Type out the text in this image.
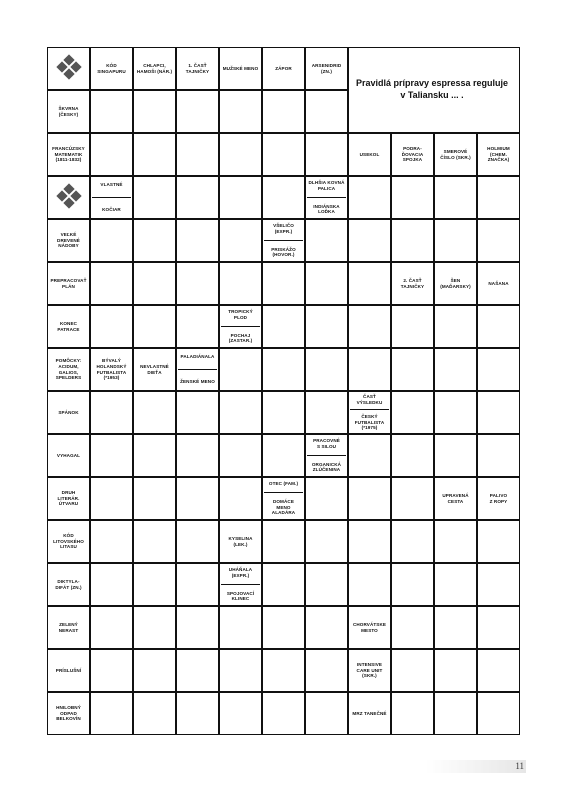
KÓD
SINGAPURU
CHLAPCI,
HAMOŠI (NÁR.)
1. ČASŤ
TAJNIČKY
MUŽSKÉ MENO	ZÁPOR
ARSENIDRID
(ZN.)
ŠKVRNA
(ČESKY)
FRANCÚZSKY
MATEMATIK
(1811-1832)
VEĽKÉ
DREVENÉ
NÁDOBY
PREPRACOVAŤ
PLÁN
KONEC
PATRACE
POMÔCKY:
ACIDUM,
GALIOS,
SPELDERS
SPÁNOK
VYHAGAL
DRUH
LITERÁR.
ÚTVARU
KÓD
LITOVSKÉHO
LITASU
DIKTYLA-
DIFÁT (ZN.)
ZELENÝ
NERAST
PRÍSLUŠNÍ
HNILOBNÝ
ODPAD
BELKOVÍN
USEKOL
PODRA-
ĎOVACIA
SPOJKA
SMEROVÉ
ČÍSLO (SKR.)
HOLMIUM
(CHEM.
ZNAČKA)
2. ČASŤ
TAJNIČKY
ŠEN
(MAĎARSKY)
NAŠANA
UPRAVENÁ
CESTA
PALIVO
Z ROPY
VLASTNÉ
KOČIAR
DLHŠIA KOVNÁ
PALICA
INDIÁNSKA
LOĎKA
VŠELIČO
(EXPR.)
PRISKÁŽO
(HOVOR.)
TROPICKÝ
PLOD
POCHAJ
(ZASTAR.)
BÝVALÝ
HOLANDSKÝ
FUTBALISTA
(*1953)
NEVLASTNÉ
DIEŤA
PALADIÁNALA
ŽENSKÉ MENO
ČASŤ
VÝSLEDKU
ČESKÝ
FUTBALISTA
(*1975)
PRACOVNÉ
S SILOU
ORGANICKÁ
ZLÚČENINA
OTEC (FAM.)
DOMÁCE
MENO
ALADÁRA
KYSELINA
(LEK.)
UHÁŇALA
(EXPR.)
SPOJOVACÍ
KLINEC
CHORVÁTSKE
MESTO
INTENSIVE
CARE UNIT
(SKR.)
MRZ TANEČNÉ
Pravidlá prípravy espressa reguluje
v Taliansku ... .
11
